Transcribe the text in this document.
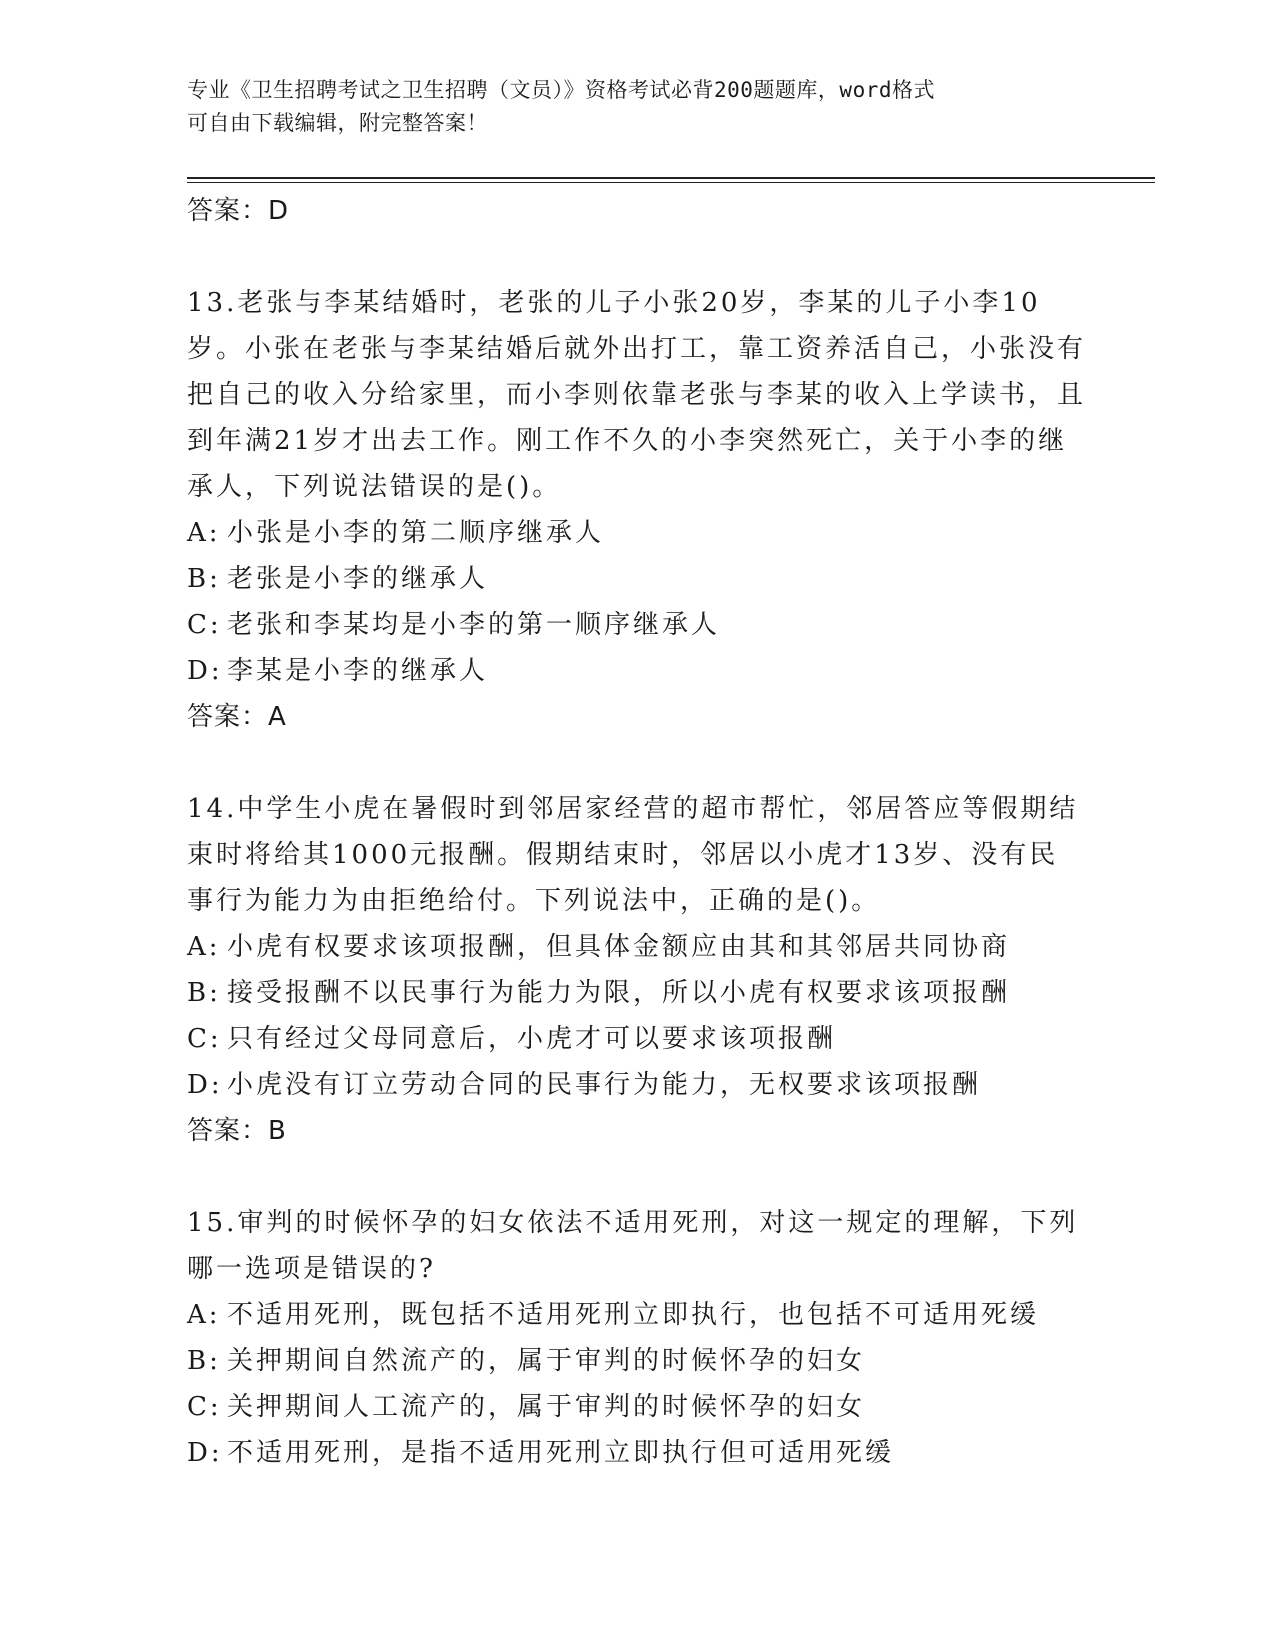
专业《卫生招聘考试之卫生招聘（文员）》资格考试必背200题题库，word格式
可自由下载编辑，附完整答案！
答案：D

13.老张与李某结婚时，老张的儿子小张20岁，李某的儿子小李10岁。小张在老张与李某结婚后就外出打工，靠工资养活自己，小张没有把自己的收入分给家里，而小李则依靠老张与李某的收入上学读书，且到年满21岁才出去工作。刚工作不久的小李突然死亡，关于小李的继承人，下列说法错误的是()。

A: 小张是小李的第二顺序继承人
B: 老张是小李的继承人
C: 老张和李某均是小李的第一顺序继承人
D: 李某是小李的继承人
答案：A

14.中学生小虎在暑假时到邻居家经营的超市帮忙，邻居答应等假期结束时将给其1000元报酬。假期结束时，邻居以小虎才13岁、没有民事行为能力为由拒绝给付。下列说法中，正确的是()。

A: 小虎有权要求该项报酬，但具体金额应由其和其邻居共同协商
B: 接受报酬不以民事行为能力为限，所以小虎有权要求该项报酬
C: 只有经过父母同意后，小虎才可以要求该项报酬
D: 小虎没有订立劳动合同的民事行为能力，无权要求该项报酬
答案：B

15.审判的时候怀孕的妇女依法不适用死刑，对这一规定的理解，下列哪一选项是错误的?

A: 不适用死刑，既包括不适用死刑立即执行，也包括不可适用死缓
B: 关押期间自然流产的，属于审判的时候怀孕的妇女
C: 关押期间人工流产的，属于审判的时候怀孕的妇女
D: 不适用死刑，是指不适用死刑立即执行但可适用死缓
